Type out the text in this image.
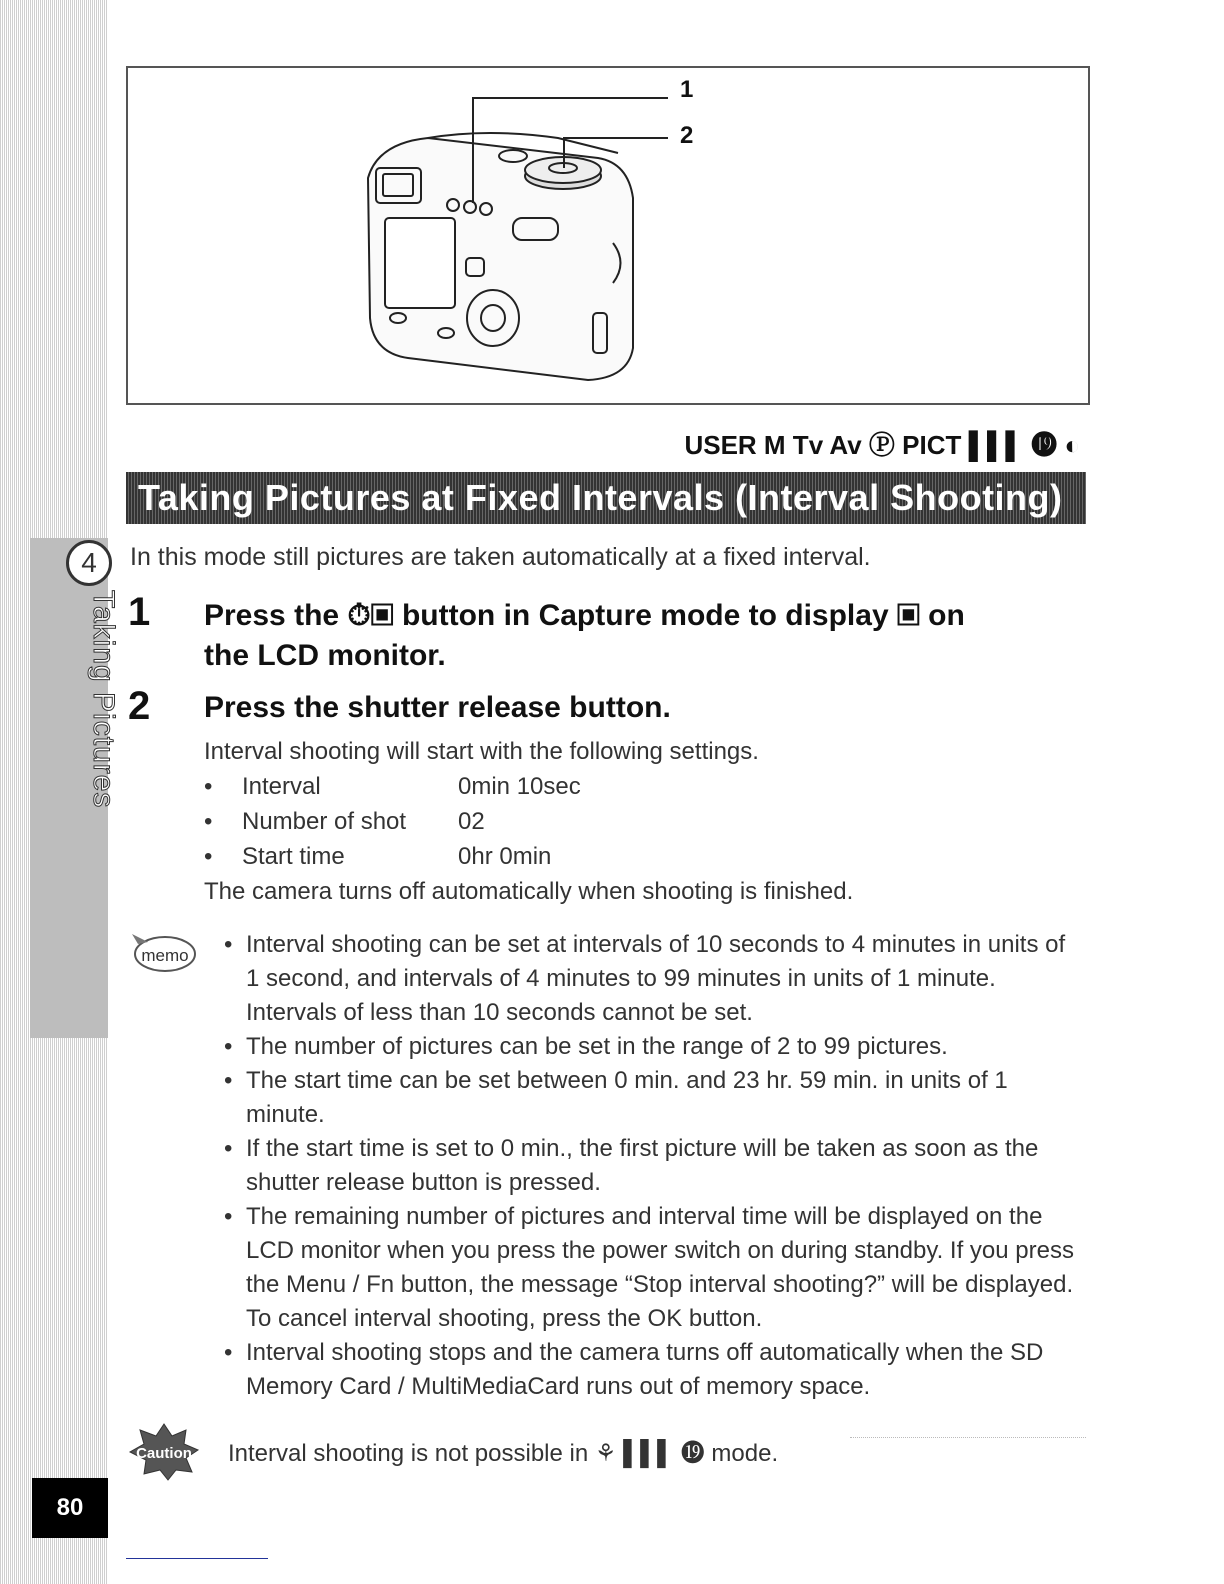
4
Taking Pictures
80
1
2
USER M Tv Av Ⓟ PICT ▌▌▌ ⓳ ◐
Taking Pictures at Fixed Intervals (Interval Shooting)
In this mode still pictures are taken automatically at a fixed interval.
1 Press the ⏱▣ button in Capture mode to display ▣ on
the LCD monitor.
2 Press the shutter release button.
Interval shooting will start with the following settings.
• Interval	0min 10sec
• Number of shot 02
• Start time	0hr 0min
The camera turns off automatically when shooting is finished.
memo • Interval shooting can be set at intervals of 10 seconds to 4 minutes in units of 1 second, and intervals of 4 minutes to 99 minutes in units of 1 minute. Intervals of less than 10 seconds cannot be set.
• The number of pictures can be set in the range of 2 to 99 pictures.
• The start time can be set between 0 min. and 23 hr. 59 min. in units of 1 minute.
• If the start time is set to 0 min., the first picture will be taken as soon as the shutter release button is pressed.
• The remaining number of pictures and interval time will be displayed on the LCD monitor when you press the power switch on during standby. If you press the Menu / Fn button, the message “Stop interval shooting?” will be displayed. To cancel interval shooting, press the OK button.
• Interval shooting stops and the camera turns off automatically when the SD Memory Card / MultiMediaCard runs out of memory space.
Caution Interval shooting is not possible in ⚘ ▌▌▌ ⓳ mode.
